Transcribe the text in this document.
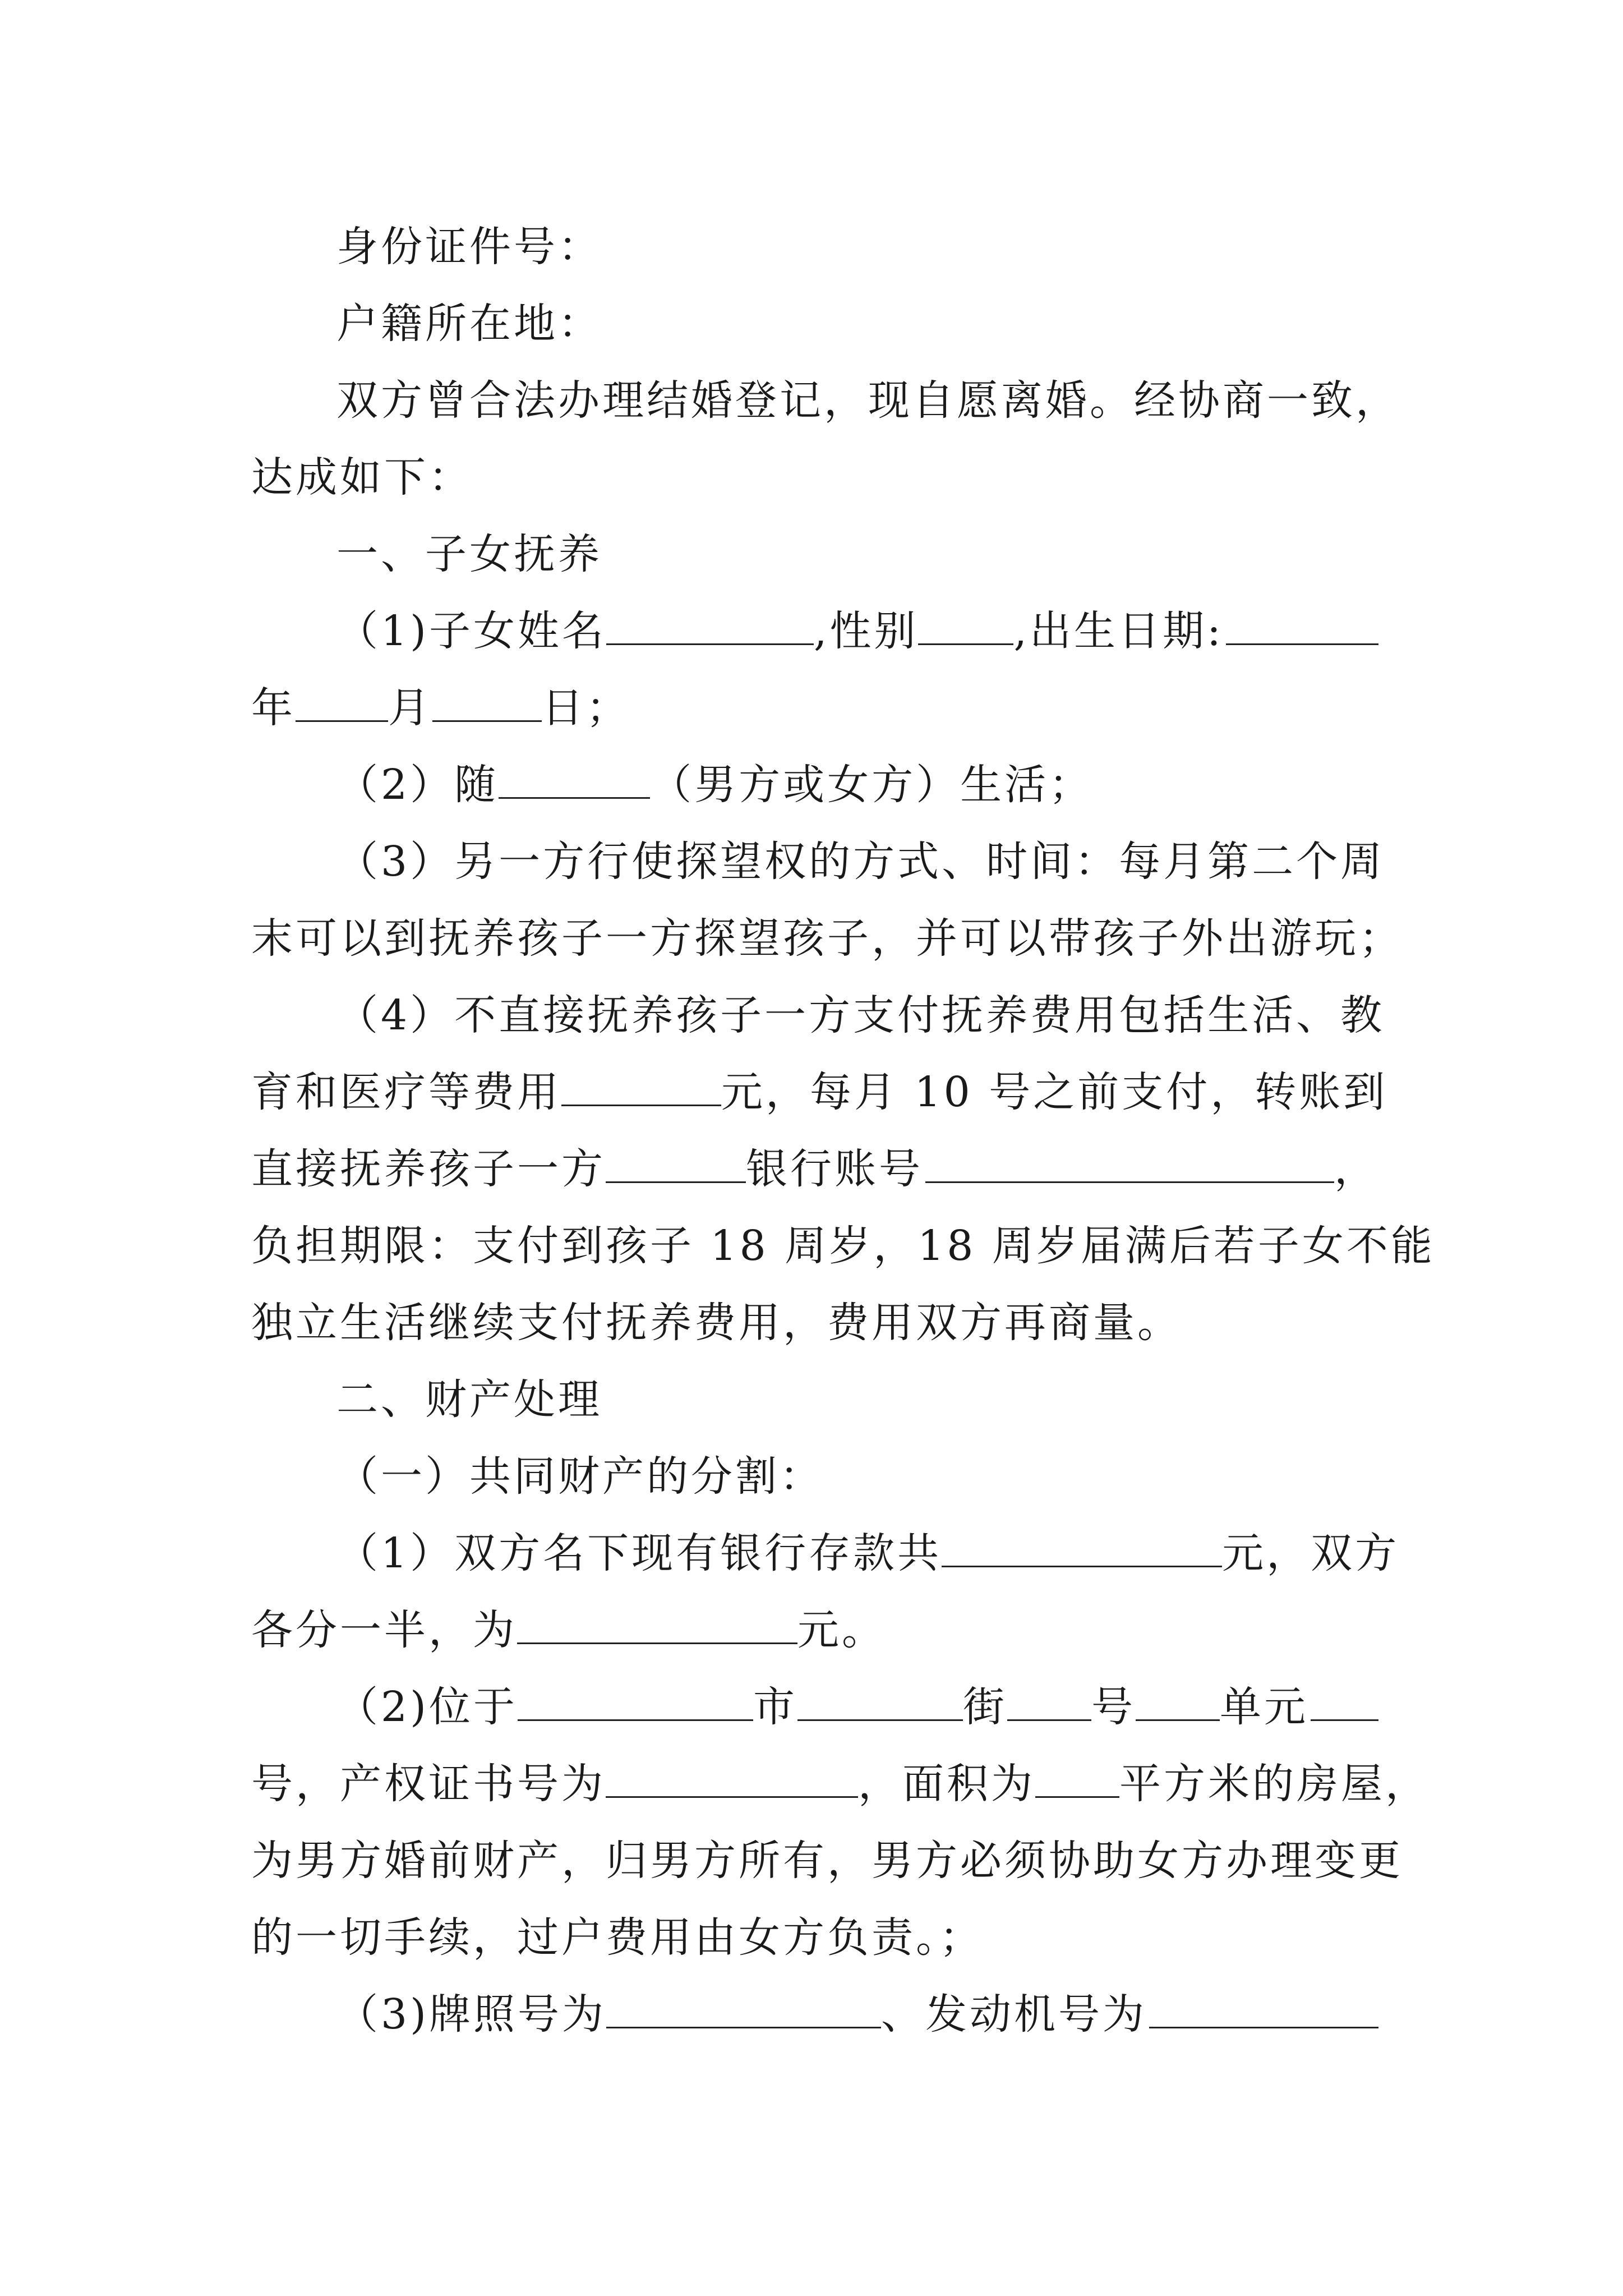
身份证件号：
户籍所在地：
双方曾合法办理结婚登记，现自愿离婚。经协商一致，
达成如下：
一、子女抚养
（1)子女姓名	,性别 ,出生日期:
年 月	日；
（2）随	（男方或女方）生活；
（3）另一方行使探望权的方式、时间：每月第二个周
末可以到抚养孩子一方探望孩子，并可以带孩子外出游玩；
（4）不直接抚养孩子一方支付抚养费用包括生活、教
育和医疗等费用	元，每月 10 号之前支付，转账到
直接抚养孩子一方	银行账号	，
负担期限：支付到孩子 18 周岁，18 周岁届满后若子女不能
独立生活继续支付抚养费用，费用双方再商量。
二、财产处理
（一）共同财产的分割：
（1）双方名下现有银行存款共	元，双方
各分一半，为	元。
（2)位于	市	街 号 单元
号，产权证书号为	，面积为 平方米的房屋，
为男方婚前财产，归男方所有，男方必须协助女方办理变更
的一切手续，过户费用由女方负责。；
（3)牌照号为	、发动机号为
